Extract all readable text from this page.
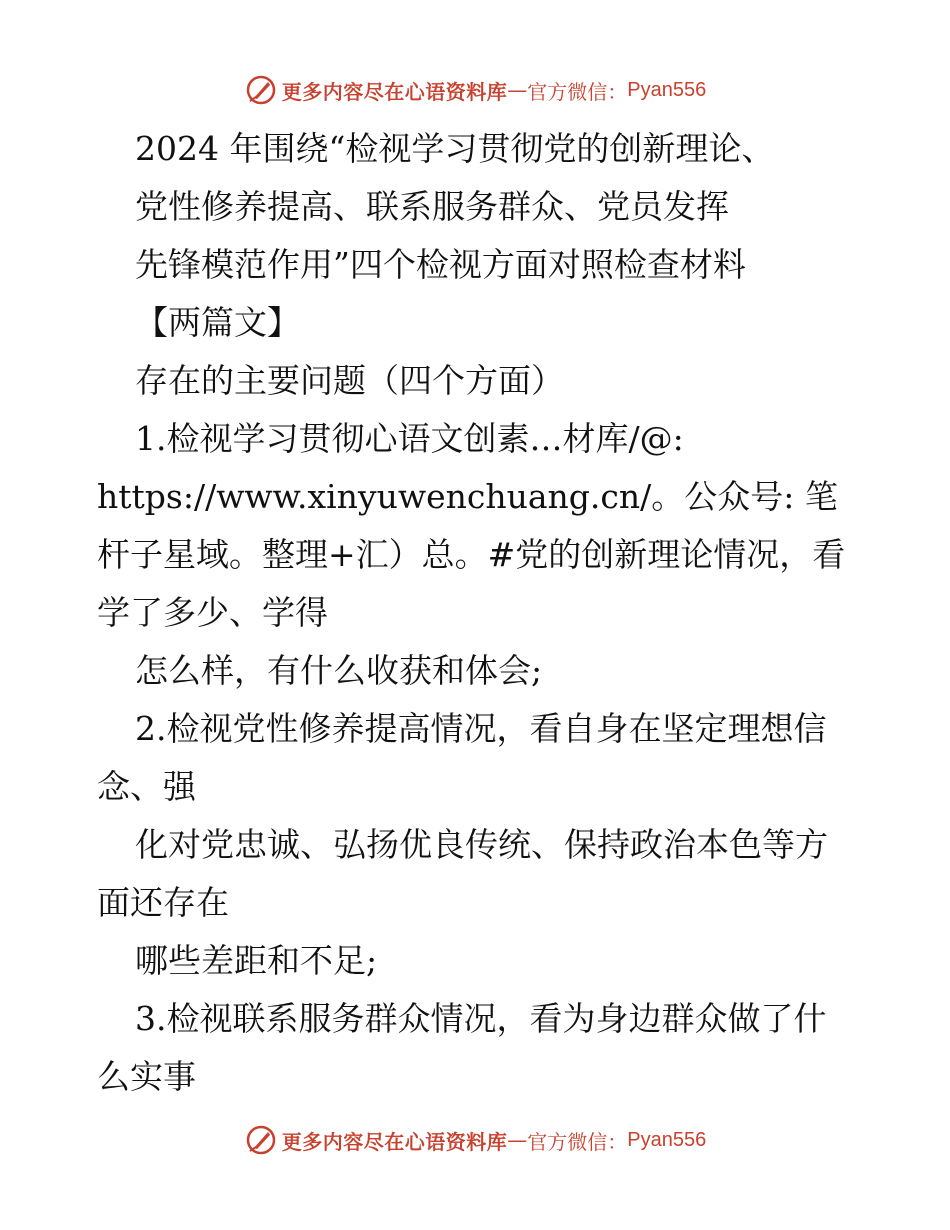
更多内容尽在心语资料库 — 官方微信： Pyan556

2024 年围绕“检视学习贯彻党的创新理论、

党性修养提高、联系服务群众、党员发挥

先锋模范作用”四个检视方面对照检查材料

【两篇文】

存在的主要问题（四个方面）

1.检视学习贯彻心语文创素…材库/@:

https://www.xinyuwenchuang.cn/。公众号: 笔杆子星域。整理+汇）总。#党的创新理论情况，看学了多少、学得

怎么样，有什么收获和体会;

2.检视党性修养提高情况，看自身在坚定理想信念、强

化对党忠诚、弘扬优良传统、保持政治本色等方面还存在

哪些差距和不足;

3.检视联系服务群众情况，看为身边群众做了什么实事

更多内容尽在心语资料库 — 官方微信： Pyan556
